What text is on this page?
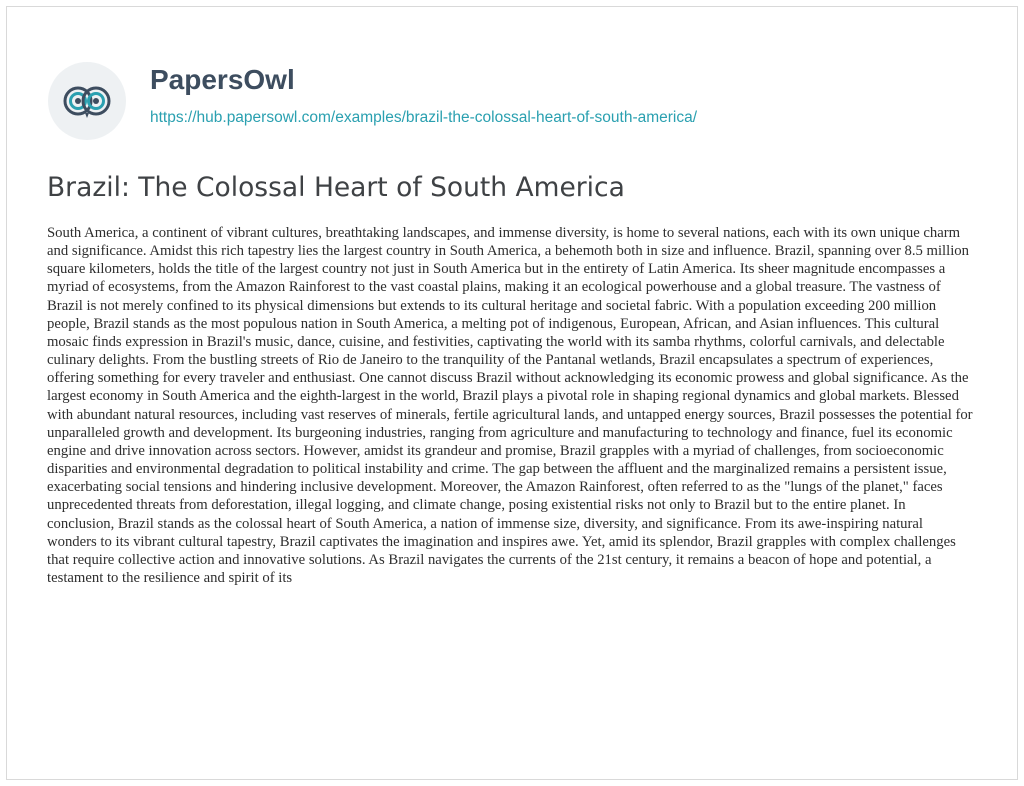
PapersOwl
https://hub.papersowl.com/examples/brazil-the-colossal-heart-of-south-america/
Brazil: The Colossal Heart of South America
South America, a continent of vibrant cultures, breathtaking landscapes, and immense diversity, is home to several nations, each with its own unique charm and significance. Amidst this rich tapestry lies the largest country in South America, a behemoth both in size and influence. Brazil, spanning over 8.5 million square kilometers, holds the title of the largest country not just in South America but in the entirety of Latin America. Its sheer magnitude encompasses a myriad of ecosystems, from the Amazon Rainforest to the vast coastal plains, making it an ecological powerhouse and a global treasure. The vastness of Brazil is not merely confined to its physical dimensions but extends to its cultural heritage and societal fabric. With a population exceeding 200 million people, Brazil stands as the most populous nation in South America, a melting pot of indigenous, European, African, and Asian influences. This cultural mosaic finds expression in Brazil's music, dance, cuisine, and festivities, captivating the world with its samba rhythms, colorful carnivals, and delectable culinary delights. From the bustling streets of Rio de Janeiro to the tranquility of the Pantanal wetlands, Brazil encapsulates a spectrum of experiences, offering something for every traveler and enthusiast. One cannot discuss Brazil without acknowledging its economic prowess and global significance. As the largest economy in South America and the eighth-largest in the world, Brazil plays a pivotal role in shaping regional dynamics and global markets. Blessed with abundant natural resources, including vast reserves of minerals, fertile agricultural lands, and untapped energy sources, Brazil possesses the potential for unparalleled growth and development. Its burgeoning industries, ranging from agriculture and manufacturing to technology and finance, fuel its economic engine and drive innovation across sectors. However, amidst its grandeur and promise, Brazil grapples with a myriad of challenges, from socioeconomic disparities and environmental degradation to political instability and crime. The gap between the affluent and the marginalized remains a persistent issue, exacerbating social tensions and hindering inclusive development. Moreover, the Amazon Rainforest, often referred to as the "lungs of the planet," faces unprecedented threats from deforestation, illegal logging, and climate change, posing existential risks not only to Brazil but to the entire planet. In conclusion, Brazil stands as the colossal heart of South America, a nation of immense size, diversity, and significance. From its awe-inspiring natural wonders to its vibrant cultural tapestry, Brazil captivates the imagination and inspires awe. Yet, amid its splendor, Brazil grapples with complex challenges that require collective action and innovative solutions. As Brazil navigates the currents of the 21st century, it remains a beacon of hope and potential, a testament to the resilience and spirit of its
